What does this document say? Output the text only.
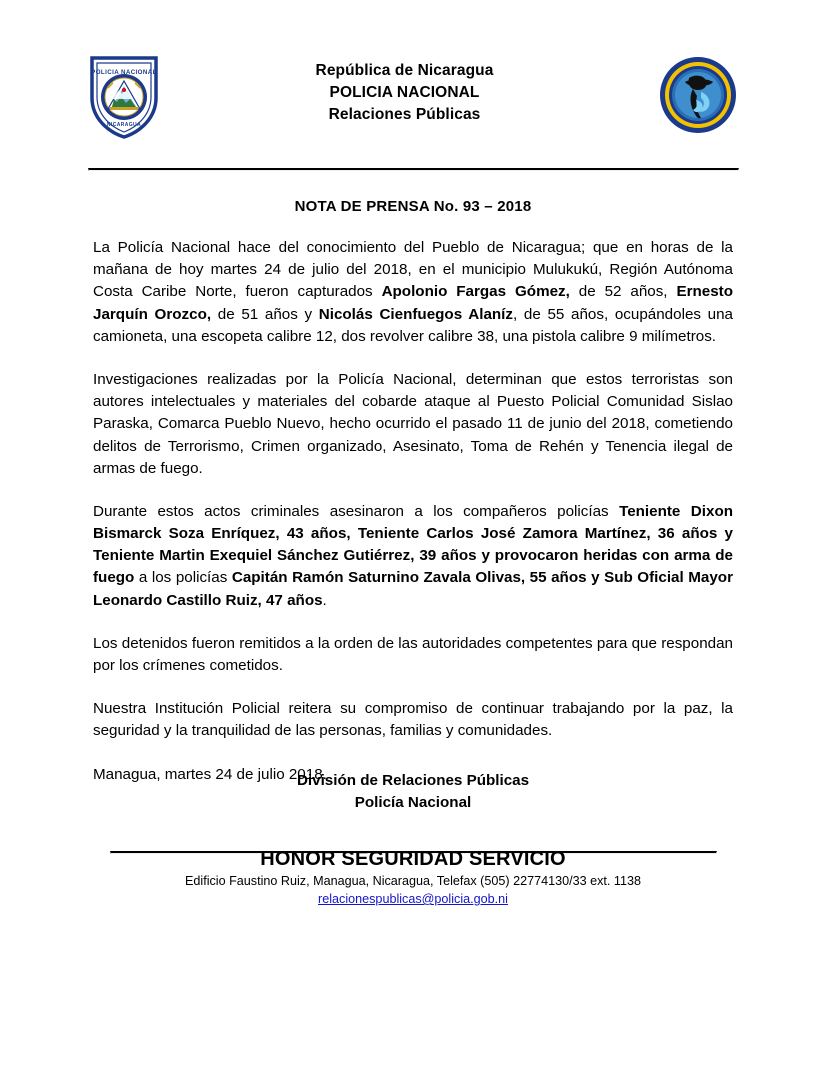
POLICIA NACIONAL
NICARAGUA
República de Nicaragua
POLICIA NACIONAL
Relaciones Públicas
NOTA DE PRENSA No. 93 – 2018

La Policía Nacional hace del conocimiento del Pueblo de Nicaragua; que en horas de la mañana de hoy martes 24 de julio del 2018, en el municipio Mulukukú, Región Autónoma Costa Caribe Norte, fueron capturados Apolonio Fargas Gómez, de 52 años, Ernesto Jarquín Orozco, de 51 años y Nicolás Cienfuegos Alaníz, de 55 años, ocupándoles una camioneta, una escopeta calibre 12, dos revolver calibre 38, una pistola calibre 9 milímetros.

Investigaciones realizadas por la Policía Nacional, determinan que estos terroristas son autores intelectuales y materiales del cobarde ataque al Puesto Policial Comunidad Sislao Paraska, Comarca Pueblo Nuevo, hecho ocurrido el pasado 11 de junio del 2018, cometiendo delitos de Terrorismo, Crimen organizado, Asesinato, Toma de Rehén y Tenencia ilegal de armas de fuego.

Durante estos actos criminales asesinaron a los compañeros policías Teniente Dixon Bismarck Soza Enríquez, 43 años, Teniente Carlos José Zamora Martínez, 36 años y Teniente Martin Exequiel Sánchez Gutiérrez, 39 años y provocaron heridas con arma de fuego a los policías Capitán Ramón Saturnino Zavala Olivas, 55 años y Sub Oficial Mayor Leonardo Castillo Ruiz, 47 años.

Los detenidos fueron remitidos a la orden de las autoridades competentes para que respondan por los crímenes cometidos.

Nuestra Institución Policial reitera su compromiso de continuar trabajando por la paz, la seguridad y la tranquilidad de las personas, familias y comunidades.

Managua, martes 24 de julio 2018.

División de Relaciones Públicas
Policía Nacional
HONOR SEGURIDAD SERVICIO
Edificio Faustino Ruiz, Managua, Nicaragua, Telefax (505) 22774130/33 ext. 1138
relacionespublicas@policia.gob.ni
